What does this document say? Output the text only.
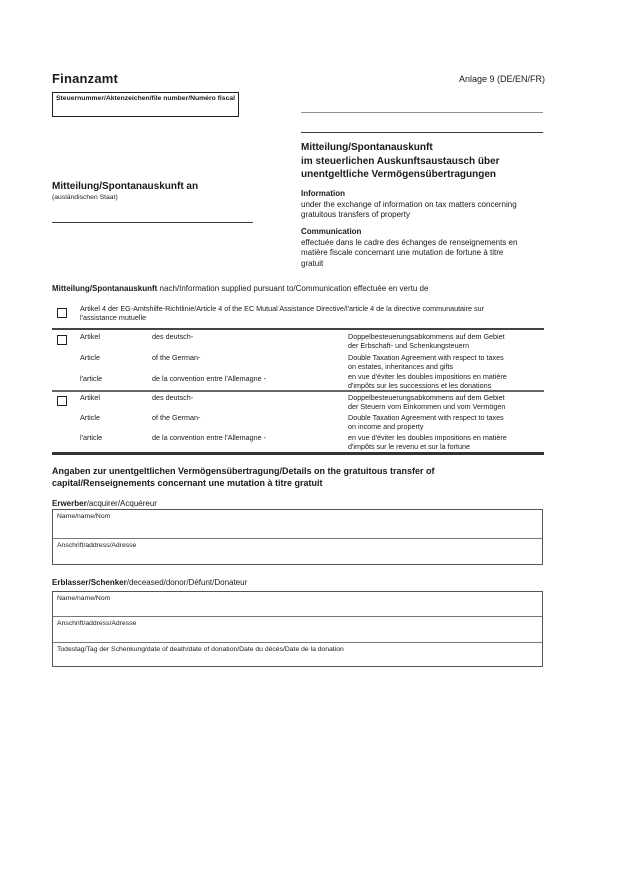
Finanzamt	Anlage 9 (DE/EN/FR)
Steuernummer/Aktenzeichen/file number/Numéro fiscal
Mitteilung/Spontanauskunft
im steuerlichen Auskunftsaustausch über
unentgeltliche Vermögensübertragungen
Information
under the exchange of information on tax matters concerning
gratuitous transfers of property
Communication
effectuée dans le cadre des échanges de renseignements en
matière fiscale concernant une mutation de fortune à titre
gratuit
Mitteilung/Spontanauskunft an
(ausländischen Staat)
Mitteilung/Spontanauskunft nach/Information supplied pursuant to/Communication effectuée en vertu de
Artikel 4 der EG-Amtshilfe-Richtlinie/Article 4 of the EC Mutual Assistance Directive/l'article 4 de la directive communautaire sur
l'assistance mutuelle
Artikel	des deutsch-	Doppelbesteuerungsabkommens auf dem Gebiet
der Erbschaft- und Schenkungsteuern
Article	of the German-	Double Taxation Agreement with respect to taxes
on estates, inheritances and gifts
l'article	de la convention entre l'Allemagne -	en vue d'éviter les doubles impositions en matière
d'impôts sur les successions et les donations
Artikel	des deutsch-	Doppelbesteuerungsabkommens auf dem Gebiet
der Steuern vom Einkommen und vom Vermögen
Article	of the German-	Double Taxation Agreement with respect to taxes
on income and property
l'article	de la convention entre l'Allemagne -	en vue d'éviter les doubles impositions en matière
d'impôts sur le revenu et sur la fortune
Angaben zur unentgeltlichen Vermögensübertragung/Details on the gratuitous transfer of
capital/Renseignements concernant une mutation à titre gratuit
Erwerber/acquirer/Acquéreur
Name/name/Nom
Anschrift/address/Adresse
Erblasser/Schenker/deceased/donor/Défunt/Donateur
Name/name/Nom
Anschrift/address/Adresse
Todestag/Tag der Schenkung/date of death/date of donation/Date du décès/Date de la donation
